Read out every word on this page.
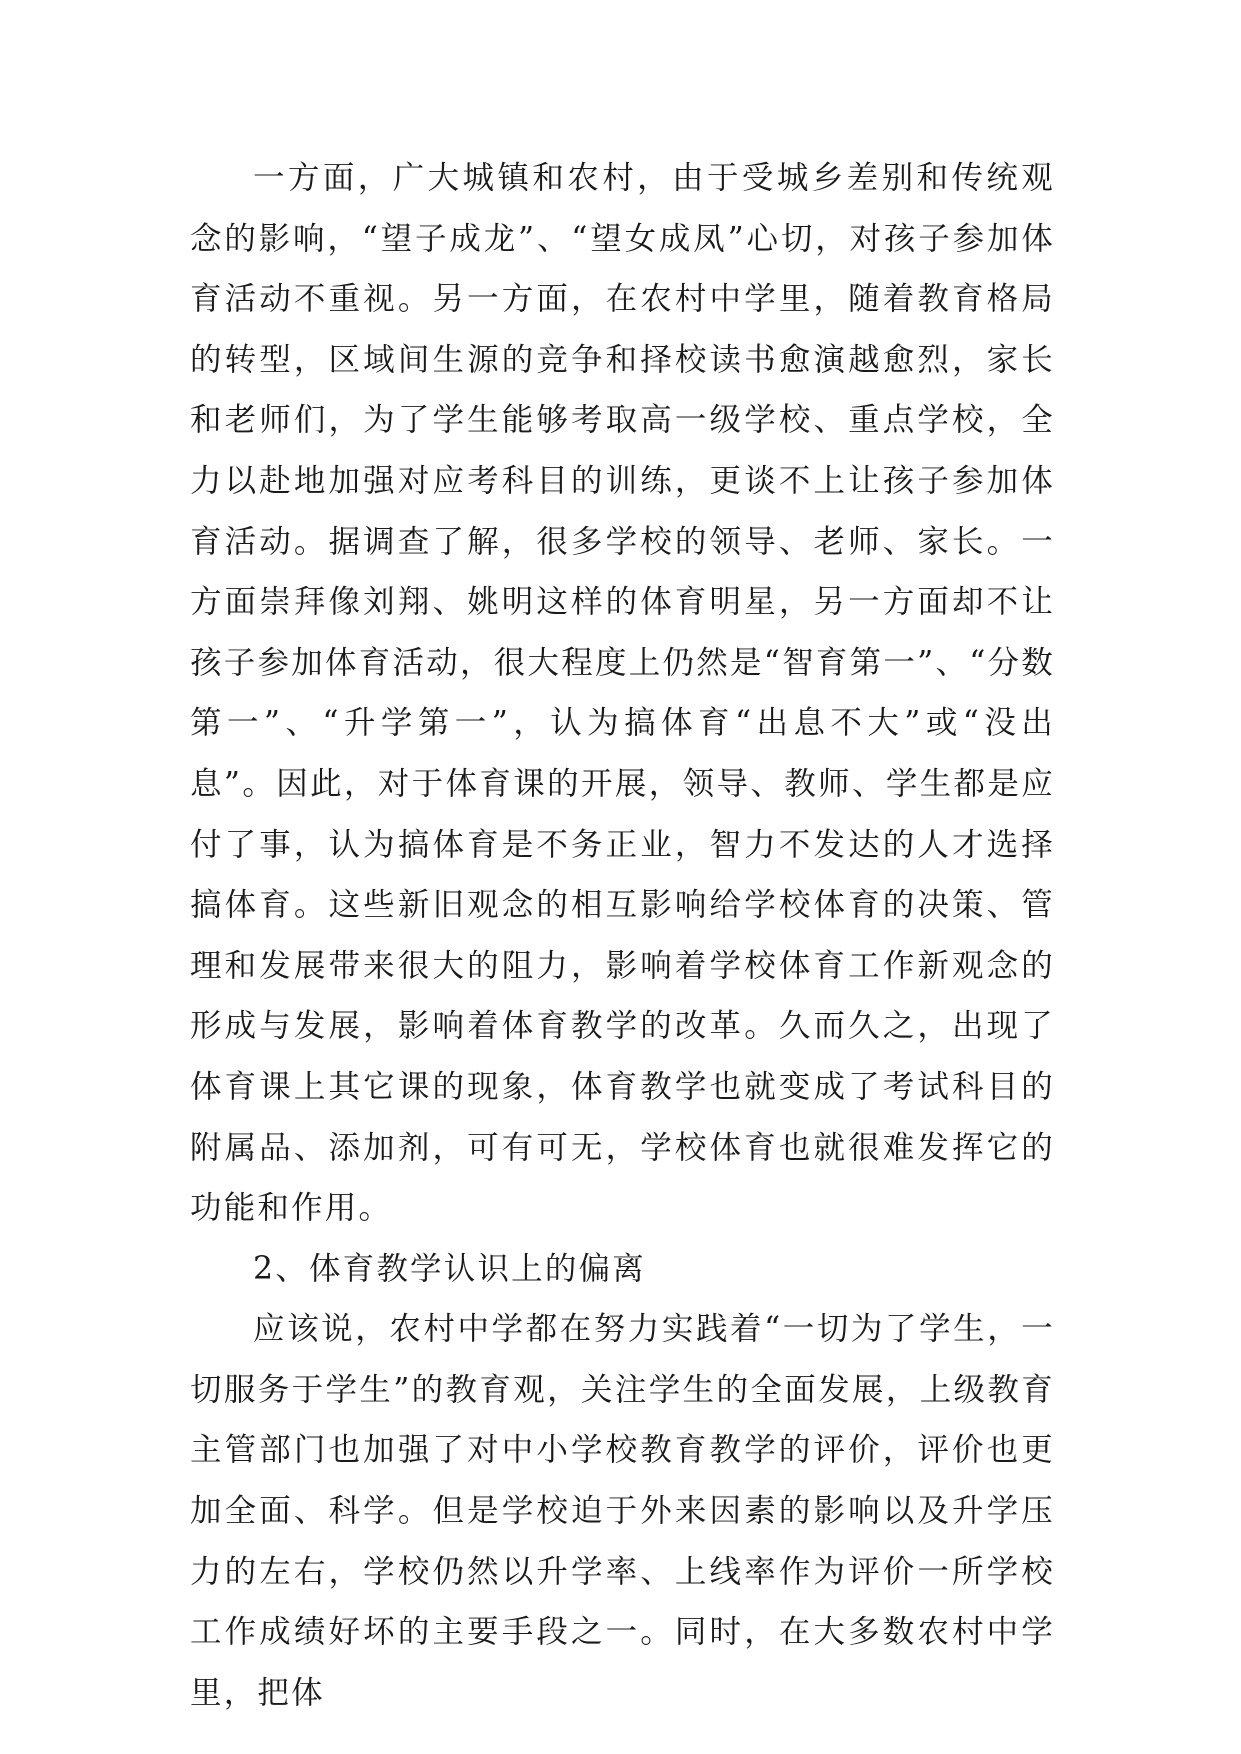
一方面，广大城镇和农村，由于受城乡差别和传统观念的影响，“望子成龙”、“望女成凤”心切，对孩子参加体育活动不重视。另一方面，在农村中学里，随着教育格局的转型，区域间生源的竞争和择校读书愈演越愈烈，家长和老师们，为了学生能够考取高一级学校、重点学校，全力以赴地加强对应考科目的训练，更谈不上让孩子参加体育活动。据调查了解，很多学校的领导、老师、家长。一方面崇拜像刘翔、姚明这样的体育明星，另一方面却不让孩子参加体育活动，很大程度上仍然是“智育第一”、“分数第一”、“升学第一”，认为搞体育“出息不大”或“没出息”。因此，对于体育课的开展，领导、教师、学生都是应付了事，认为搞体育是不务正业，智力不发达的人才选择搞体育。这些新旧观念的相互影响给学校体育的决策、管理和发展带来很大的阻力，影响着学校体育工作新观念的形成与发展，影响着体育教学的改革。久而久之，出现了体育课上其它课的现象，体育教学也就变成了考试科目的附属品、添加剂，可有可无，学校体育也就很难发挥它的功能和作用。

2、体育教学认识上的偏离

应该说，农村中学都在努力实践着“一切为了学生，一切服务于学生”的教育观，关注学生的全面发展，上级教育主管部门也加强了对中小学校教育教学的评价，评价也更加全面、科学。但是学校迫于外来因素的影响以及升学压力的左右，学校仍然以升学率、上线率作为评价一所学校工作成绩好坏的主要手段之一。同时，在大多数农村中学里，把体
